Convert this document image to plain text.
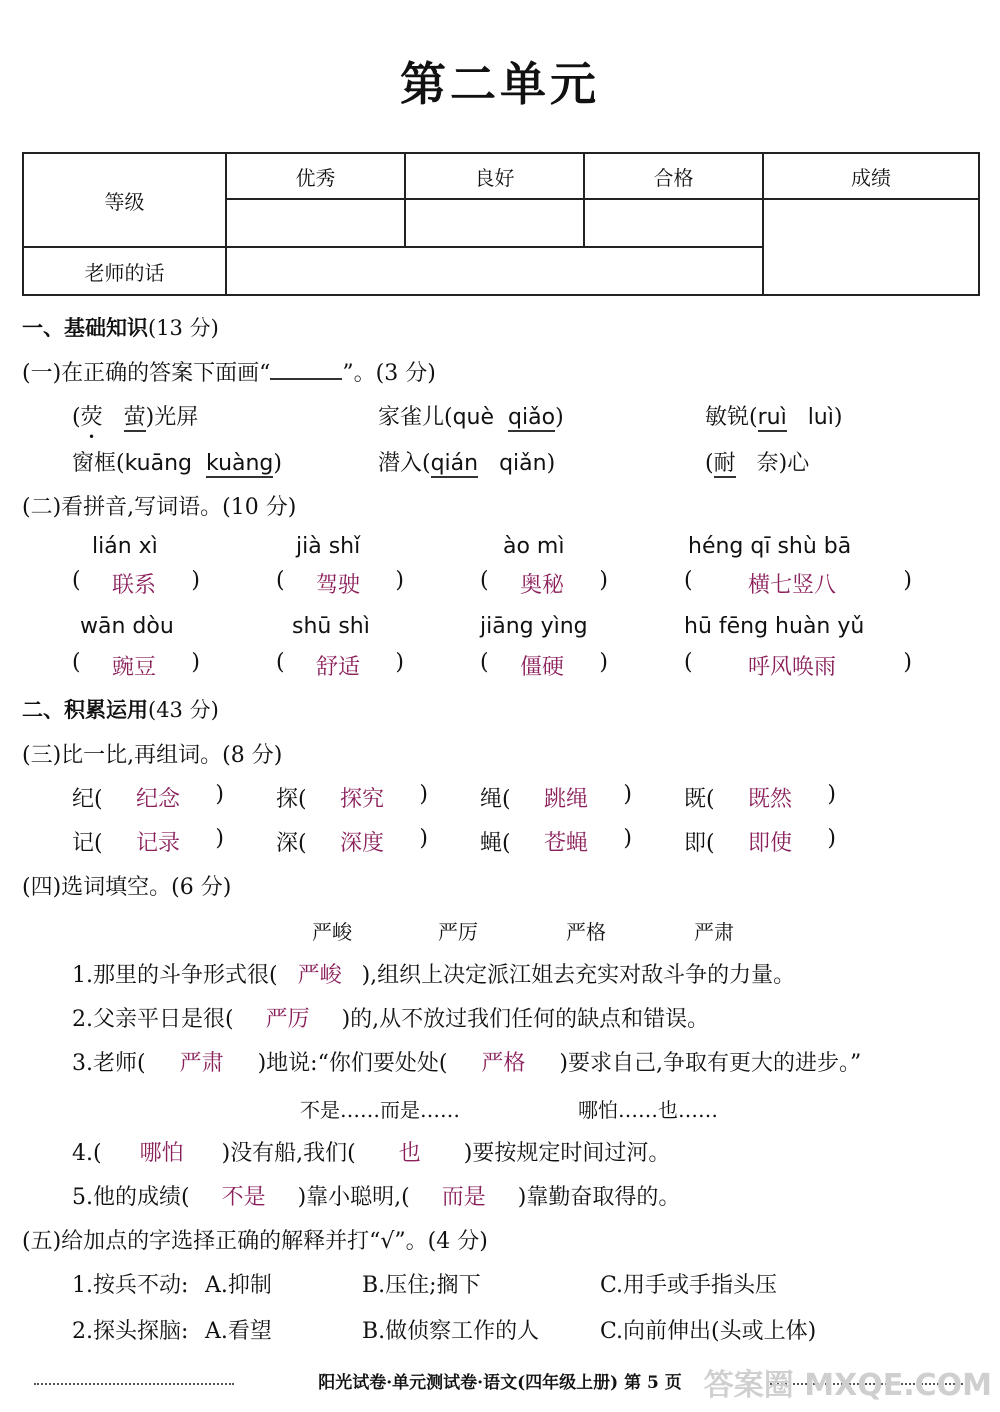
第二单元
等级	优秀	良好	合格	成绩

老师的话				
一、基础知识(13 分)
(一)在正确的答案下面画“	”。(3 分)
(荧 萤)光屏	家雀儿(què qiǎo)	敏锐(ruì luì)
窗框(kuāng kuàng)	潜入(qián qiǎn)	(耐 奈)心
(二)看拼音,写词语。(10 分)
lián xì	jià shǐ	ào mì	héng qī shù bā
( 联系 )	( 驾驶 )	( 奥秘 )	(	横七竖八	)
wān dòu	shū shì	jiāng yìng	hū fēng huàn yǔ
( 豌豆 )	( 舒适 )	( 僵硬 )	(	呼风唤雨	)
二、积累运用(43 分)
(三)比一比,再组词。(8 分)
纪( 纪念 ) 探( 探究 ) 绳( 跳绳 ) 既( 既然 )
记( 记录 ) 深( 深度 ) 蝇( 苍蝇 ) 即( 即使 )
(四)选词填空。(6 分)
严峻	严厉	严格	严肃
1.那里的斗争形式很( 严峻 ),组织上决定派江姐去充实对敌斗争的力量。
2.父亲平日是很( 严厉 )的,从不放过我们任何的缺点和错误。
3.老师( 严肃 )地说:“你们要处处( 严格 )要求自己,争取有更大的进步。”
不是……而是……	哪怕……也……
4.( 哪怕 )没有船,我们( 也 )要按规定时间过河。
5.他的成绩( 不是 )靠小聪明,( 而是 )靠勤奋取得的。
(五)给加点的字选择正确的解释并打“√”。(4 分)
1.按兵不动: A.抑制	B.压住;搁下	C.用手或手指头压
2.探头探脑: A.看望	B.做侦察工作的人	C.向前伸出(头或上体)
阳光试卷·单元测试卷·语文(四年级上册) 第 5 页 答案圈 MXQE.COM
